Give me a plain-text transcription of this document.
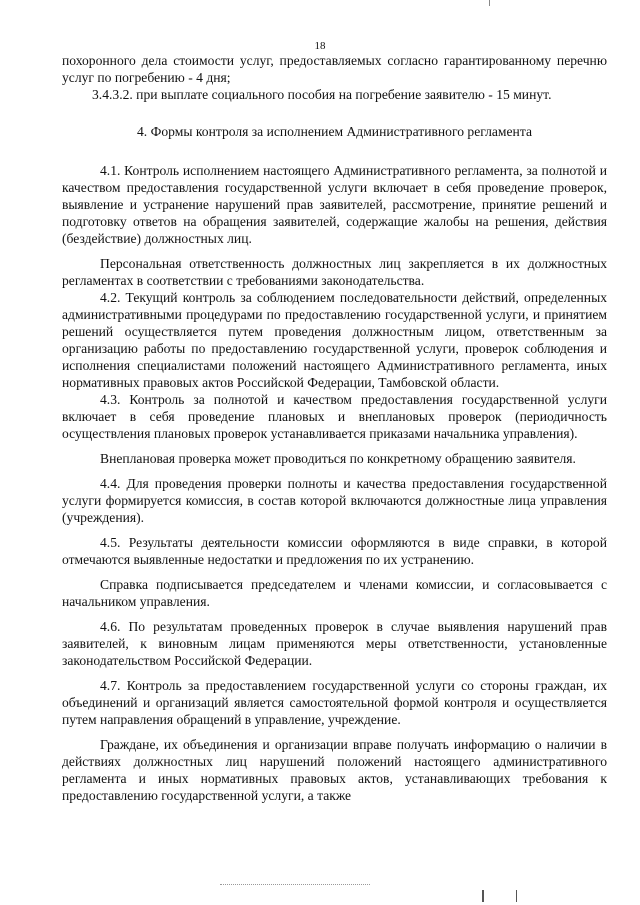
18

похоронного дела стоимости услуг, предоставляемых согласно гарантированному перечню услуг по погребению - 4 дня;

3.4.3.2. при выплате социального пособия на погребение заявителю - 15 минут.

4. Формы контроля за исполнением Административного регламента

4.1. Контроль исполнением настоящего Административного регламента, за полнотой и качеством предоставления государственной услуги включает в себя проведение проверок, выявление и устранение нарушений прав заявителей, рассмотрение, принятие решений и подготовку ответов на обращения заявителей, содержащие жалобы на решения, действия (бездействие) должностных лиц.

Персональная ответственность должностных лиц закрепляется в их должностных регламентах в соответствии с требованиями законодательства.

4.2. Текущий контроль за соблюдением последовательности действий, определенных административными процедурами по предоставлению государственной услуги, и принятием решений осуществляется путем проведения должностным лицом, ответственным за организацию работы по предоставлению государственной услуги, проверок соблюдения и исполнения специалистами положений настоящего Административного регламента, иных нормативных правовых актов Российской Федерации, Тамбовской области.

4.3. Контроль за полнотой и качеством предоставления государственной услуги включает в себя проведение плановых и внеплановых проверок (периодичность осуществления плановых проверок устанавливается приказами начальника управления).

Внеплановая проверка может проводиться по конкретному обращению заявителя.

4.4. Для проведения проверки полноты и качества предоставления государственной услуги формируется комиссия, в состав которой включаются должностные лица управления (учреждения).

4.5. Результаты деятельности комиссии оформляются в виде справки, в которой отмечаются выявленные недостатки и предложения по их устранению.

Справка подписывается председателем и членами комиссии, и согласовывается с начальником управления.

4.6. По результатам проведенных проверок в случае выявления нарушений прав заявителей, к виновным лицам применяются меры ответственности, установленные законодательством Российской Федерации.

4.7. Контроль за предоставлением государственной услуги со стороны граждан, их объединений и организаций является самостоятельной формой контроля и осуществляется путем направления обращений в управление, учреждение.

Граждане, их объединения и организации вправе получать информацию о наличии в действиях должностных лиц нарушений положений настоящего административного регламента и иных нормативных правовых актов, устанавливающих требования к предоставлению государственной услуги, а также
